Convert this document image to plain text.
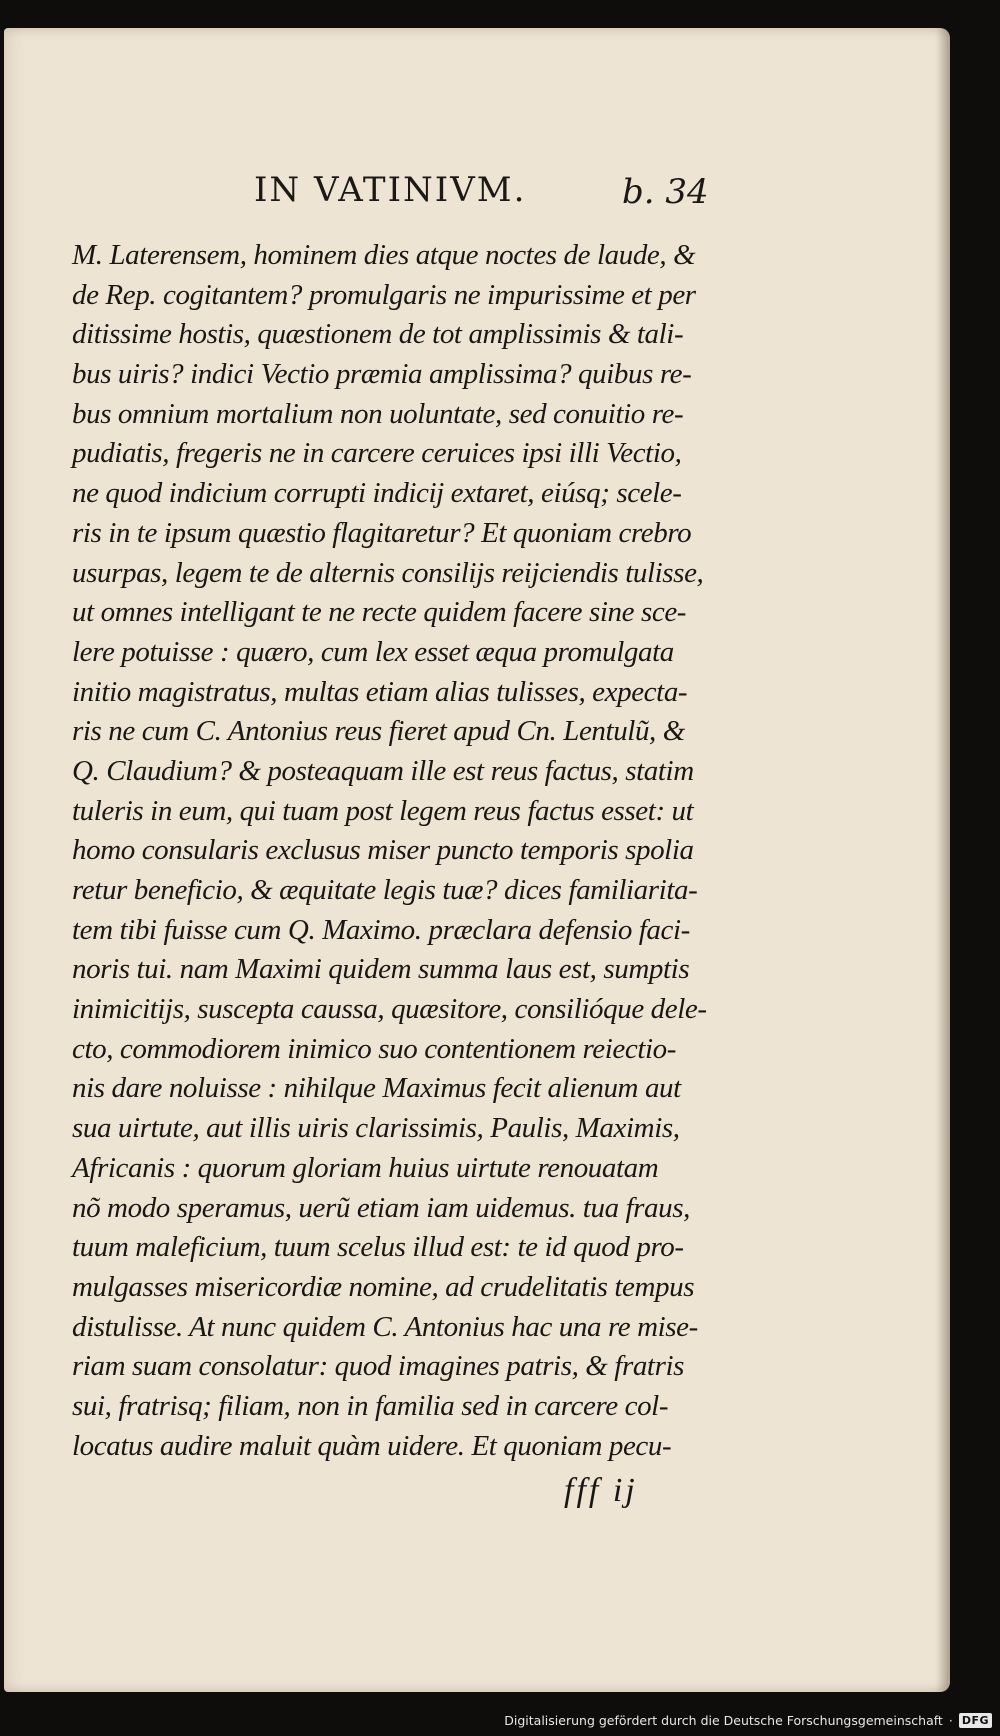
IN VATINIVM.	b. 34
M. Laterensem, hominem dies atque noctes de laude, &
de Rep. cogitantem? promulgaris ne impurissime et per
ditissime hostis, quæstionem de tot amplissimis & tali-
bus uiris? indici Vectio præmia amplissima? quibus re-
bus omnium mortalium non uoluntate, sed conuitio re-
pudiatis, fregeris ne in carcere ceruices ipsi illi Vectio,
ne quod indicium corrupti indicij extaret, eiúsq; scele-
ris in te ipsum quæstio flagitaretur? Et quoniam crebro
usurpas, legem te de alternis consilijs reijciendis tulisse,
ut omnes intelligant te ne recte quidem facere sine sce-
lere potuisse : quæro, cum lex esset æqua promulgata
initio magistratus, multas etiam alias tulisses, expecta-
ris ne cum C. Antonius reus fieret apud Cn. Lentulũ, &
Q. Claudium? & posteaquam ille est reus factus, statim
tuleris in eum, qui tuam post legem reus factus esset: ut
homo consularis exclusus miser puncto temporis spolia
retur beneficio, & æquitate legis tuæ? dices familiarita-
tem tibi fuisse cum Q. Maximo. præclara defensio faci-
noris tui. nam Maximi quidem summa laus est, sumptis
inimicitijs, suscepta caussa, quæsitore, consilióque dele-
cto, commodiorem inimico suo contentionem reiectio-
nis dare noluisse : nihilque Maximus fecit alienum aut
sua uirtute, aut illis uiris clarissimis, Paulis, Maximis,
Africanis : quorum gloriam huius uirtute renouatam
nõ modo speramus, uerũ etiam iam uidemus. tua fraus,
tuum maleficium, tuum scelus illud est: te id quod pro-
mulgasses misericordiæ nomine, ad crudelitatis tempus
distulisse. At nunc quidem C. Antonius hac una re mise-
riam suam consolatur: quod imagines patris, & fratris
sui, fratrisq; filiam, non in familia sed in carcere col-
locatus audire maluit quàm uidere. Et quoniam pecu-
fff ij
Digitalisierung gefördert durch die Deutsche Forschungsgemeinschaft · DFG
